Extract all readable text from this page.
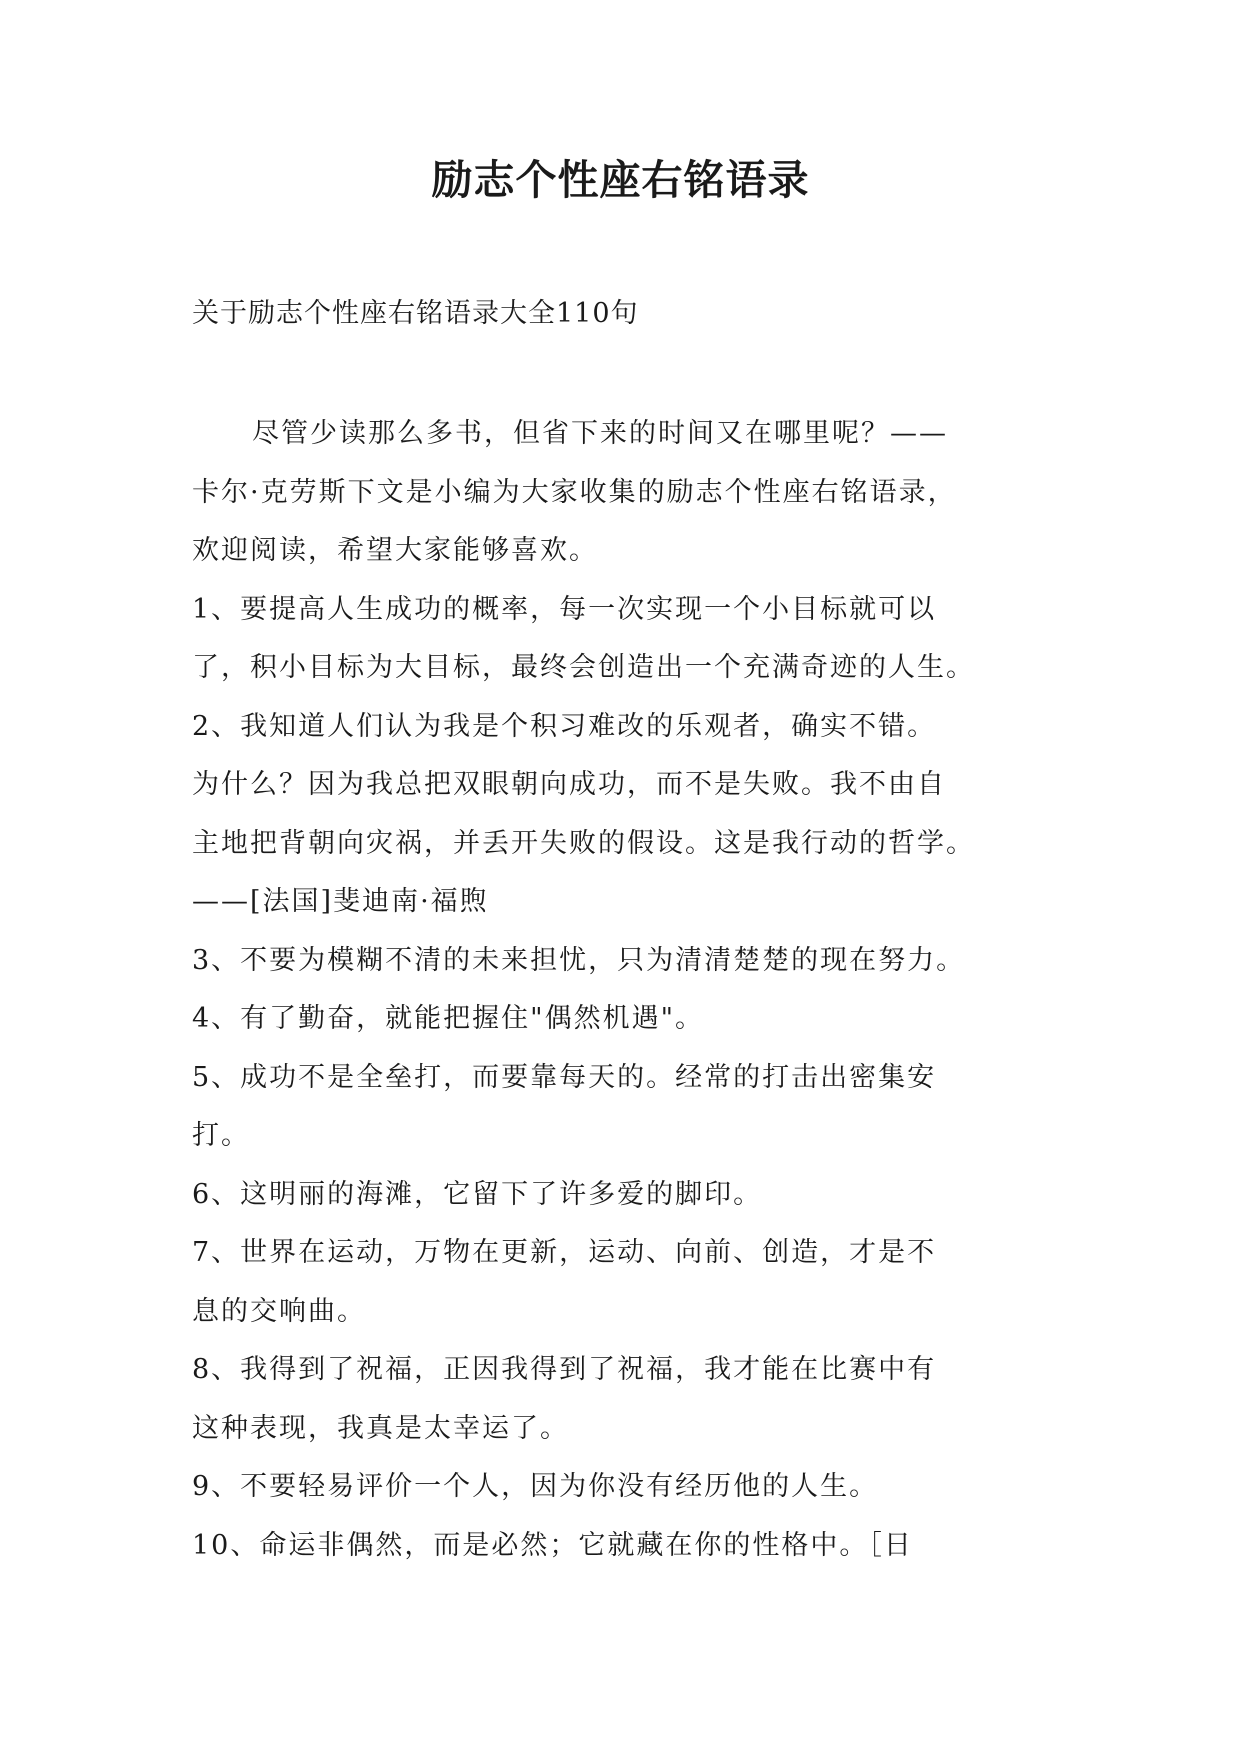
励志个性座右铭语录
关于励志个性座右铭语录大全110句
尽管少读那么多书，但省下来的时间又在哪里呢？——
卡尔·克劳斯下文是小编为大家收集的励志个性座右铭语录，
欢迎阅读，希望大家能够喜欢。
1、要提高人生成功的概率，每一次实现一个小目标就可以
了，积小目标为大目标，最终会创造出一个充满奇迹的人生。
2、我知道人们认为我是个积习难改的乐观者，确实不错。
为什么？因为我总把双眼朝向成功，而不是失败。我不由自
主地把背朝向灾祸，并丢开失败的假设。这是我行动的哲学。
——[法国]斐迪南·福煦
3、不要为模糊不清的未来担忧，只为清清楚楚的现在努力。
4、有了勤奋，就能把握住"偶然机遇"。
5、成功不是全垒打，而要靠每天的。经常的打击出密集安
打。
6、这明丽的海滩，它留下了许多爱的脚印。
7、世界在运动，万物在更新，运动、向前、创造，才是不
息的交响曲。
8、我得到了祝福，正因我得到了祝福，我才能在比赛中有
这种表现，我真是太幸运了。
9、不要轻易评价一个人，因为你没有经历他的人生。
10、命运非偶然，而是必然；它就藏在你的性格中。［日
